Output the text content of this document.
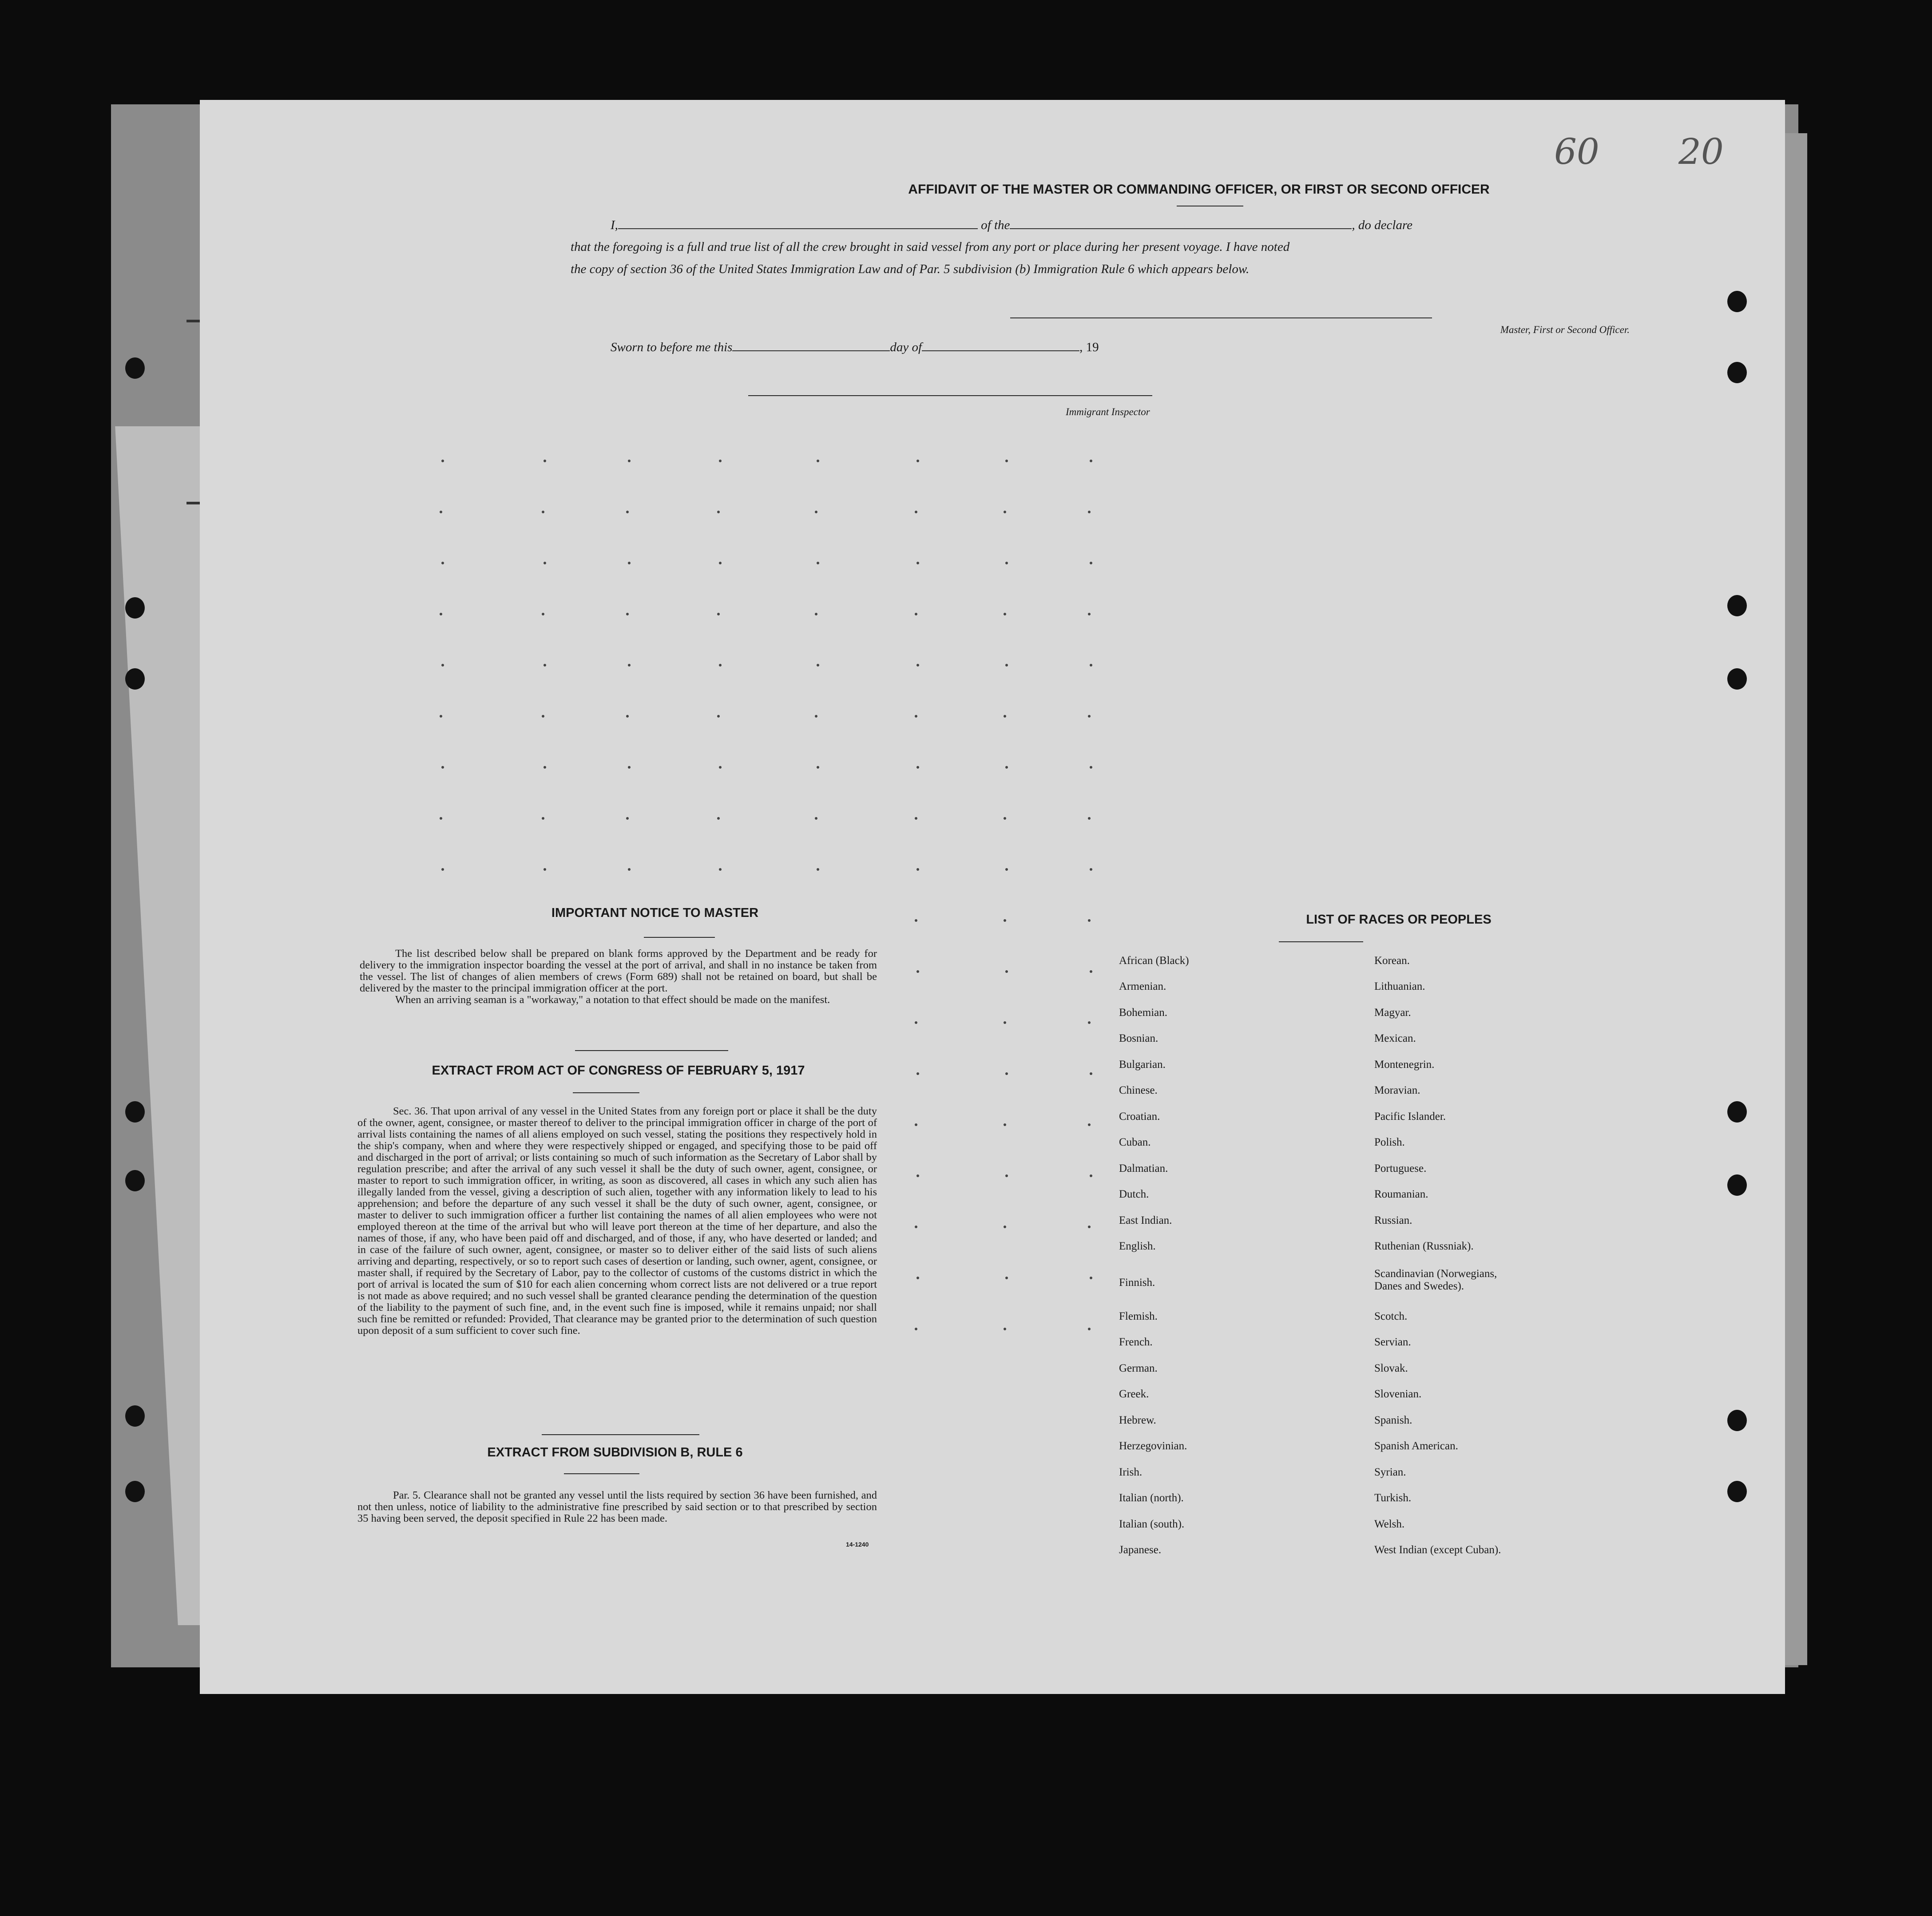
60 20
AFFIDAVIT OF THE MASTER OR COMMANDING OFFICER, OR FIRST OR SECOND OFFICER
I,	of the	, do declare
that the foregoing is a full and true list of all the crew brought in said vessel from any port or place during her present voyage. I have noted
the copy of section 36 of the United States Immigration Law and of Par. 5 subdivision (b) Immigration Rule 6 which appears below.
Master, First or Second Officer.
Sworn to before me this	day of	, 19
Immigrant Inspector
IMPORTANT NOTICE TO MASTER

The list described below shall be prepared on blank forms approved by the Department and be ready for delivery to the immigration inspector boarding the vessel at the port of arrival, and shall in no instance be taken from the vessel. The list of changes of alien members of crews (Form 689) shall not be retained on board, but shall be delivered by the master to the principal immigration officer at the port.

When an arriving seaman is a "workaway," a notation to that effect should be made on the manifest.

EXTRACT FROM ACT OF CONGRESS OF FEBRUARY 5, 1917

Sec. 36. That upon arrival of any vessel in the United States from any foreign port or place it shall be the duty of the owner, agent, consignee, or master thereof to deliver to the principal immigration officer in charge of the port of arrival lists containing the names of all aliens employed on such vessel, stating the positions they respectively hold in the ship's company, when and where they were respectively shipped or engaged, and specifying those to be paid off and discharged in the port of arrival; or lists containing so much of such information as the Secretary of Labor shall by regulation prescribe; and after the arrival of any such vessel it shall be the duty of such owner, agent, consignee, or master to report to such immigration officer, in writing, as soon as discovered, all cases in which any such alien has illegally landed from the vessel, giving a description of such alien, together with any information likely to lead to his apprehension; and before the departure of any such vessel it shall be the duty of such owner, agent, consignee, or master to deliver to such immigration officer a further list containing the names of all alien employees who were not employed thereon at the time of the arrival but who will leave port thereon at the time of her departure, and also the names of those, if any, who have been paid off and discharged, and of those, if any, who have deserted or landed; and in case of the failure of such owner, agent, consignee, or master so to deliver either of the said lists of such aliens arriving and departing, respectively, or so to report such cases of desertion or landing, such owner, agent, consignee, or master shall, if required by the Secretary of Labor, pay to the collector of customs of the customs district in which the port of arrival is located the sum of $10 for each alien concerning whom correct lists are not delivered or a true report is not made as above required; and no such vessel shall be granted clearance pending the determination of the question of the liability to the payment of such fine, and, in the event such fine is imposed, while it remains unpaid; nor shall such fine be remitted or refunded: Provided, That clearance may be granted prior to the determination of such question upon deposit of a sum sufficient to cover such fine.

EXTRACT FROM SUBDIVISION B, RULE 6

Par. 5. Clearance shall not be granted any vessel until the lists required by section 36 have been furnished, and not then unless, notice of liability to the administrative fine prescribed by said section or to that prescribed by section 35 having been served, the deposit specified in Rule 22 has been made.

14-1240
LIST OF RACES OR PEOPLES
African (Black)
Armenian.
Bohemian.
Bosnian.
Bulgarian.
Chinese.
Croatian.
Cuban.
Dalmatian.
Dutch.
East Indian.
English.
Finnish.
Flemish.
French.
German.
Greek.
Hebrew.
Herzegovinian.
Irish.
Italian (north).
Italian (south).
Japanese.
Korean.
Lithuanian.
Magyar.
Mexican.
Montenegrin.
Moravian.
Pacific Islander.
Polish.
Portuguese.
Roumanian.
Russian.
Ruthenian (Russniak).
Scandinavian (Norwegians,
Danes and Swedes).
Scotch.
Servian.
Slovak.
Slovenian.
Spanish.
Spanish American.
Syrian.
Turkish.
Welsh.
West Indian (except Cuban).
